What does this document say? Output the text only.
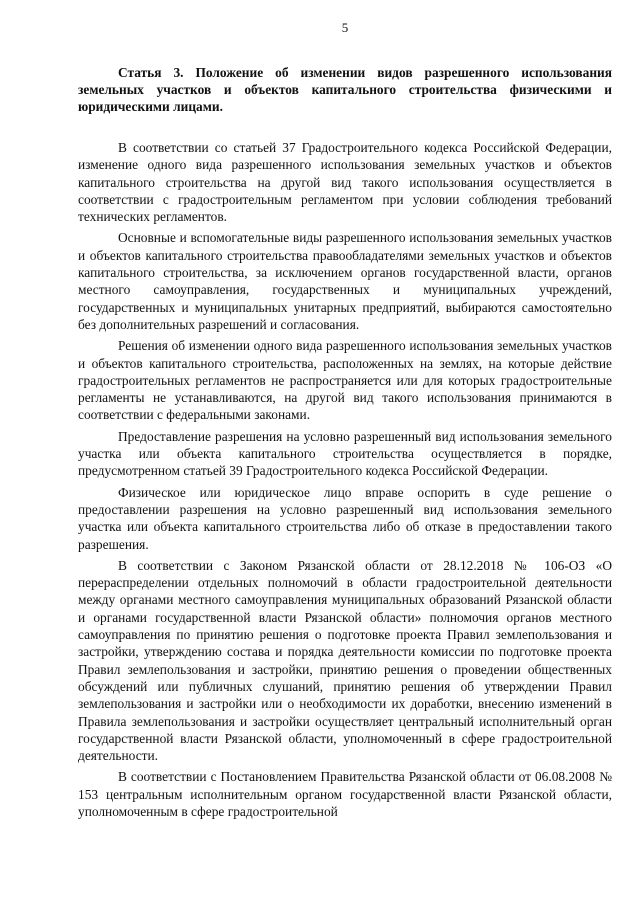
5
Статья 3. Положение об изменении видов разрешенного использования земельных участков и объектов капитального строительства физическими и юридическими лицами.

В соответствии со статьей 37 Градостроительного кодекса Российской Федерации, изменение одного вида разрешенного использования земельных участков и объектов капитального строительства на другой вид такого использования осуществляется в соответствии с градостроительным регламентом при условии соблюдения требований технических регламентов.

Основные и вспомогательные виды разрешенного использования земельных участков и объектов капитального строительства правообладателями земельных участков и объектов капитального строительства, за исключением органов государственной власти, органов местного самоуправления, государственных и муниципальных учреждений, государственных и муниципальных унитарных предприятий, выбираются самостоятельно без дополнительных разрешений и согласования.

Решения об изменении одного вида разрешенного использования земельных участков и объектов капитального строительства, расположенных на землях, на которые действие градостроительных регламентов не распространяется или для которых градостроительные регламенты не устанавливаются, на другой вид такого использования принимаются в соответствии с федеральными законами.

Предоставление разрешения на условно разрешенный вид использования земельного участка или объекта капитального строительства осуществляется в порядке, предусмотренном статьей 39 Градостроительного кодекса Российской Федерации.

Физическое или юридическое лицо вправе оспорить в суде решение о предоставлении разрешения на условно разрешенный вид использования земельного участка или объекта капитального строительства либо об отказе в предоставлении такого разрешения.

В соответствии с Законом Рязанской области от 28.12.2018 № 106-ОЗ «О перераспределении отдельных полномочий в области градостроительной деятельности между органами местного самоуправления муниципальных образований Рязанской области и органами государственной власти Рязанской области» полномочия органов местного самоуправления по принятию решения о подготовке проекта Правил землепользования и застройки, утверждению состава и порядка деятельности комиссии по подготовке проекта Правил землепользования и застройки, принятию решения о проведении общественных обсуждений или публичных слушаний, принятию решения об утверждении Правил землепользования и застройки или о необходимости их доработки, внесению изменений в Правила землепользования и застройки осуществляет центральный исполнительный орган государственной власти Рязанской области, уполномоченный в сфере градостроительной деятельности.

В соответствии с Постановлением Правительства Рязанской области от 06.08.2008 № 153 центральным исполнительным органом государственной власти Рязанской области, уполномоченным в сфере градостроительной
